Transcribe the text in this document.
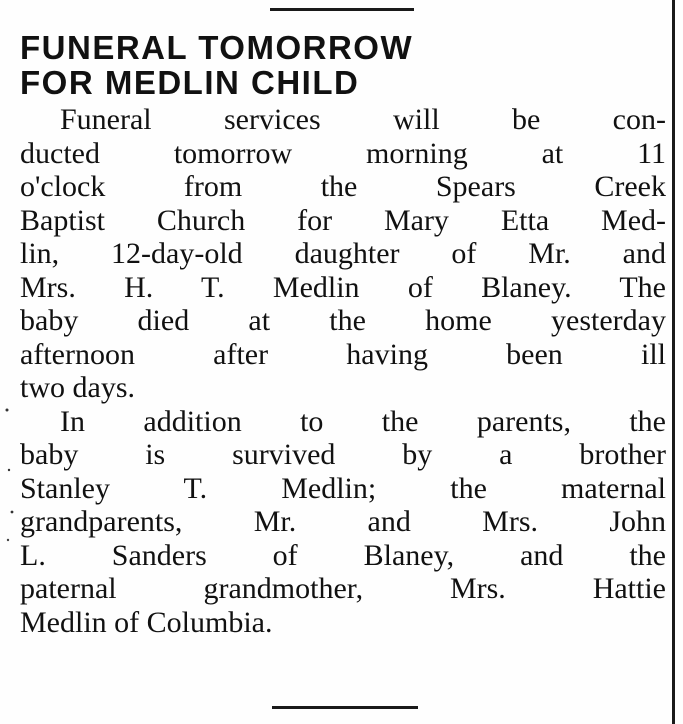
FUNERAL TOMORROW
FOR MEDLIN CHILD
Funeral services will be con-
ducted tomorrow morning at 11
o'clock from the Spears Creek
Baptist Church for Mary Etta Med-
lin, 12-day-old daughter of Mr. and
Mrs. H. T. Medlin of Blaney. The
baby died at the home yesterday
afternoon after having been ill
two days.
In addition to the parents, the
baby is survived by a brother
Stanley T. Medlin; the maternal
grandparents, Mr. and Mrs. John
L. Sanders of Blaney, and the
paternal grandmother, Mrs. Hattie
Medlin of Columbia.
